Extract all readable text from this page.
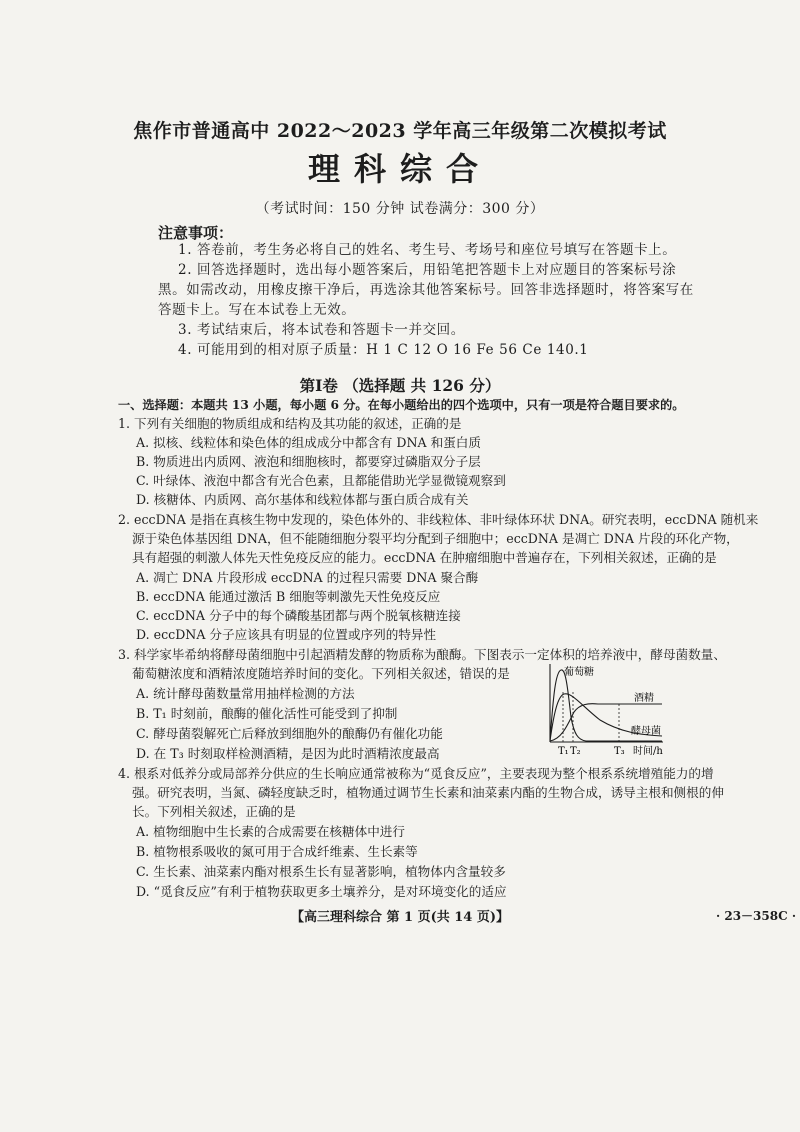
焦作市普通高中 2022～2023 学年高三年级第二次模拟考试
理科综合
（考试时间：150 分钟 试卷满分：300 分）
注意事项：
1. 答卷前，考生务必将自己的姓名、考生号、考场号和座位号填写在答题卡上。
2. 回答选择题时，选出每小题答案后，用铅笔把答题卡上对应题目的答案标号涂
黑。如需改动，用橡皮擦干净后，再选涂其他答案标号。回答非选择题时，将答案写在
答题卡上。写在本试卷上无效。
3. 考试结束后，将本试卷和答题卡一并交回。
4. 可能用到的相对原子质量：H 1 C 12 O 16 Fe 56 Ce 140.1
第Ⅰ卷 （选择题 共 126 分）
一、选择题：本题共 13 小题，每小题 6 分。在每小题给出的四个选项中，只有一项是符合题目要求的。
1. 下列有关细胞的物质组成和结构及其功能的叙述，正确的是
A. 拟核、线粒体和染色体的组成成分中都含有 DNA 和蛋白质
B. 物质进出内质网、液泡和细胞核时，都要穿过磷脂双分子层
C. 叶绿体、液泡中都含有光合色素，且都能借助光学显微镜观察到
D. 核糖体、内质网、高尔基体和线粒体都与蛋白质合成有关
2. eccDNA 是指在真核生物中发现的，染色体外的、非线粒体、非叶绿体环状 DNA。研究表明，eccDNA 随机来
源于染色体基因组 DNA，但不能随细胞分裂平均分配到子细胞中；eccDNA 是凋亡 DNA 片段的环化产物，
具有超强的刺激人体先天性免疫反应的能力。eccDNA 在肿瘤细胞中普遍存在，下列相关叙述，正确的是
A. 凋亡 DNA 片段形成 eccDNA 的过程只需要 DNA 聚合酶
B. eccDNA 能通过激活 B 细胞等刺激先天性免疫反应
C. eccDNA 分子中的每个磷酸基团都与两个脱氧核糖连接
D. eccDNA 分子应该具有明显的位置或序列的特异性
3. 科学家毕希纳将酵母菌细胞中引起酒精发酵的物质称为酿酶。下图表示一定体积的培养液中，酵母菌数量、
葡萄糖浓度和酒精浓度随培养时间的变化。下列相关叙述，错误的是
A. 统计酵母菌数量常用抽样检测的方法
B. T₁ 时刻前，酿酶的催化活性可能受到了抑制
C. 酵母菌裂解死亡后释放到细胞外的酿酶仍有催化功能
D. 在 T₃ 时刻取样检测酒精，是因为此时酒精浓度最高
葡萄糖
酒精
酵母菌
T₁ T₂	T₃ 时间/h
4. 根系对低养分或局部养分供应的生长响应通常被称为“觅食反应”，主要表现为整个根系系统增殖能力的增
强。研究表明，当氮、磷轻度缺乏时，植物通过调节生长素和油菜素内酯的生物合成，诱导主根和侧根的伸
长。下列相关叙述，正确的是
A. 植物细胞中生长素的合成需要在核糖体中进行
B. 植物根系吸收的氮可用于合成纤维素、生长素等
C. 生长素、油菜素内酯对根系生长有显著影响，植物体内含量较多
D. “觅食反应”有利于植物获取更多土壤养分，是对环境变化的适应
【高三理科综合 第 1 页(共 14 页)】	· 23－358C ·
